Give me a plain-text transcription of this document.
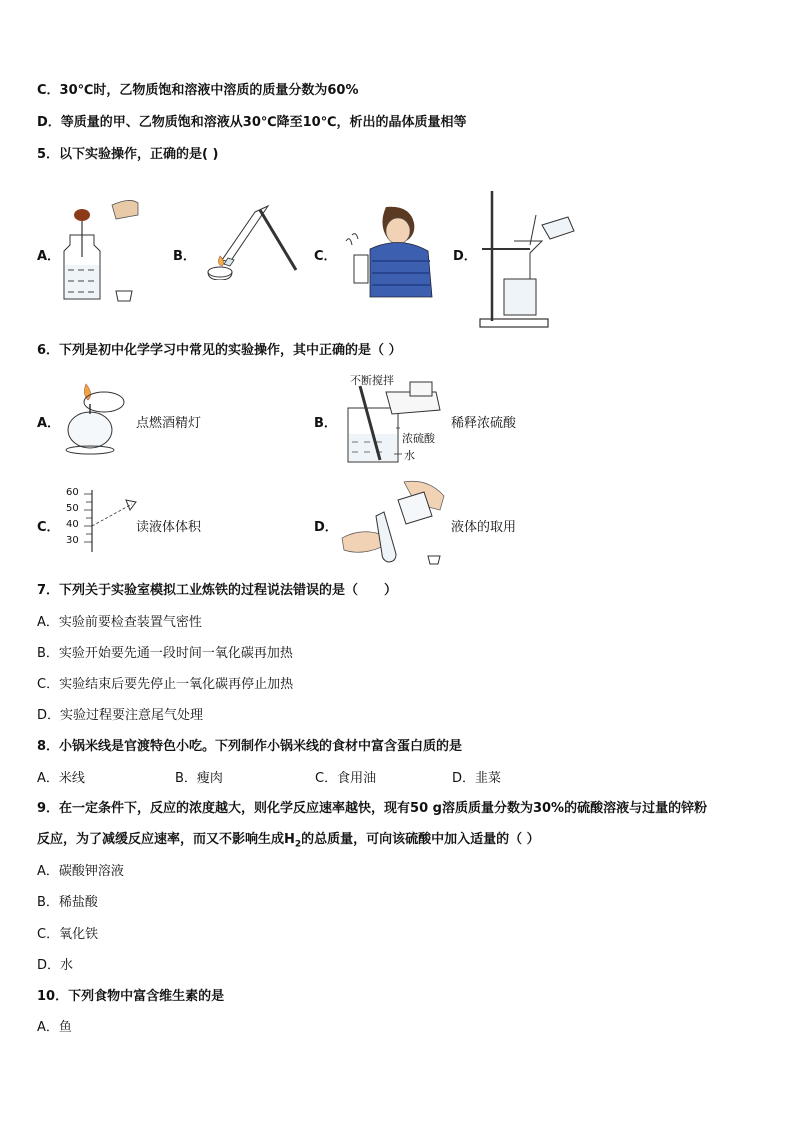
C．30℃时，乙物质饱和溶液中溶质的质量分数为60%
D．等质量的甲、乙物质饱和溶液从30℃降至10℃，析出的晶体质量相等
5．以下实验操作，正确的是( )
A．	B．	C．	D．
6．下列是初中化学学习中常见的实验操作，其中正确的是（ ）
A．	点燃酒精灯	B．
不断搅拌
浓硫酸
水
稀释浓硫酸
C．
60
50
40
30
读液体体积	D．	液体的取用
7．下列关于实验室模拟工业炼铁的过程说法错误的是（　　）
A．实验前要检查装置气密性
B．实验开始要先通一段时间一氧化碳再加热
C．实验结束后要先停止一氧化碳再停止加热
D．实验过程要注意尾气处理
8．小锅米线是官渡特色小吃。下列制作小锅米线的食材中富含蛋白质的是
A．米线	B．瘦肉	C．食用油	D．韭菜
9．在一定条件下，反应的浓度越大，则化学反应速率越快，现有50 g溶质质量分数为30%的硫酸溶液与过量的锌粉
反应，为了减缓反应速率，而又不影响生成$H_2$的总质量，可向该硫酸中加入适量的（ ）
A．碳酸钾溶液
B．稀盐酸
C．氧化铁
D．水
10．下列食物中富含维生素的是
A．鱼
